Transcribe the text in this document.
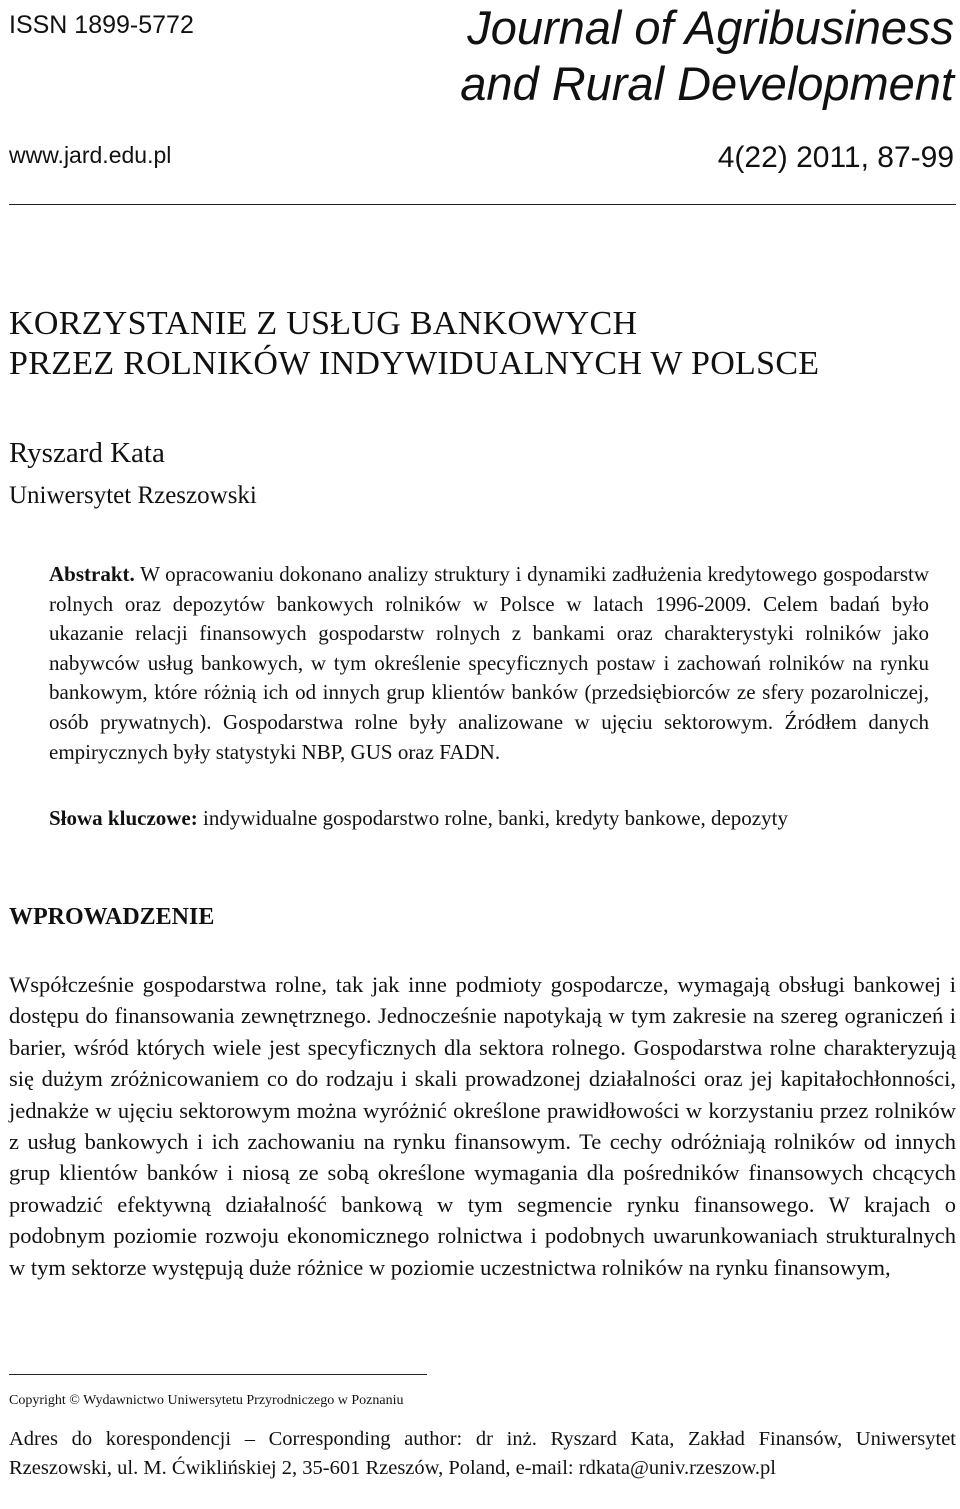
ISSN 1899-5772	Journal of Agribusiness
and Rural Development
www.jard.edu.pl	4(22) 2011, 87-99
KORZYSTANIE Z USŁUG BANKOWYCH
PRZEZ ROLNIKÓW INDYWIDUALNYCH W POLSCE
Ryszard Kata
Uniwersytet Rzeszowski
Abstrakt. W opracowaniu dokonano analizy struktury i dynamiki zadłużenia kredytowego gospodarstw rolnych oraz depozytów bankowych rolników w Polsce w latach 1996-2009. Celem badań było ukazanie relacji finansowych gospodarstw rolnych z bankami oraz charakterystyki rolników jako nabywców usług bankowych, w tym określenie specyficznych postaw i zachowań rolników na rynku bankowym, które różnią ich od innych grup klientów banków (przedsiębiorców ze sfery pozarolniczej, osób prywatnych). Gospodarstwa rolne były analizowane w ujęciu sektorowym. Źródłem danych empirycznych były statystyki NBP, GUS oraz FADN.
Słowa kluczowe: indywidualne gospodarstwo rolne, banki, kredyty bankowe, depozyty
WPROWADZENIE
Współcześnie gospodarstwa rolne, tak jak inne podmioty gospodarcze, wymagają obsługi bankowej i dostępu do finansowania zewnętrznego. Jednocześnie napotykają w tym zakresie na szereg ograniczeń i barier, wśród których wiele jest specyficznych dla sektora rolnego. Gospodarstwa rolne charakteryzują się dużym zróżnicowaniem co do rodzaju i skali prowadzonej działalności oraz jej kapitałochłonności, jednakże w ujęciu sektorowym można wyróżnić określone prawidłowości w korzystaniu przez rolników z usług bankowych i ich zachowaniu na rynku finansowym. Te cechy odróżniają rolników od innych grup klientów banków i niosą ze sobą określone wymagania dla pośredników finansowych chcących prowadzić efektywną działalność bankową w tym segmencie rynku finansowego. W krajach o podobnym poziomie rozwoju ekonomicznego rolnictwa i podobnych uwarunkowaniach strukturalnych w tym sektorze występują duże różnice w poziomie uczestnictwa rolników na rynku finansowym,
Copyright © Wydawnictwo Uniwersytetu Przyrodniczego w Poznaniu
Adres do korespondencji – Corresponding author: dr inż. Ryszard Kata, Zakład Finansów, Uniwersytet Rzeszowski, ul. M. Ćwiklińskiej 2, 35-601 Rzeszów, Poland, e-mail: rdkata@univ.rzeszow.pl
